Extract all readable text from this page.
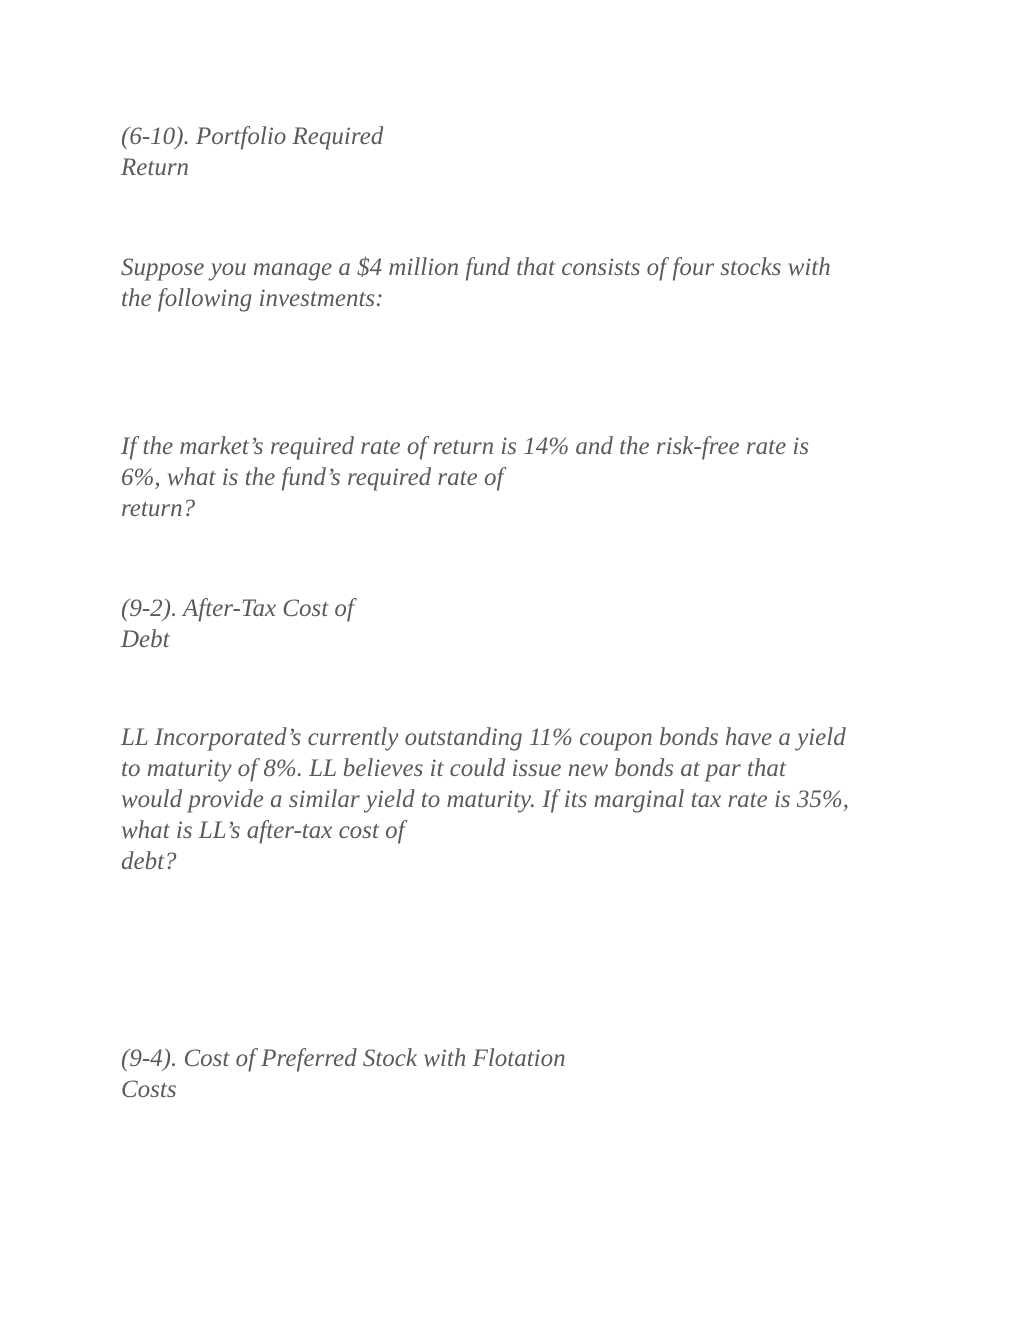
(6-10). Portfolio Required

Return

Suppose you manage a $4 million fund that consists of four stocks with

the following investments:

If the market’s required rate of return is 14% and the risk-free rate is

6%, what is the fund’s required rate of

return?

(9-2). After-Tax Cost of

Debt

LL Incorporated’s currently outstanding 11% coupon bonds have a yield

to maturity of 8%. LL believes it could issue new bonds at par that

would provide a similar yield to maturity. If its marginal tax rate is 35%,

what is LL’s after-tax cost of

debt?

(9-4). Cost of Preferred Stock with Flotation

Costs
